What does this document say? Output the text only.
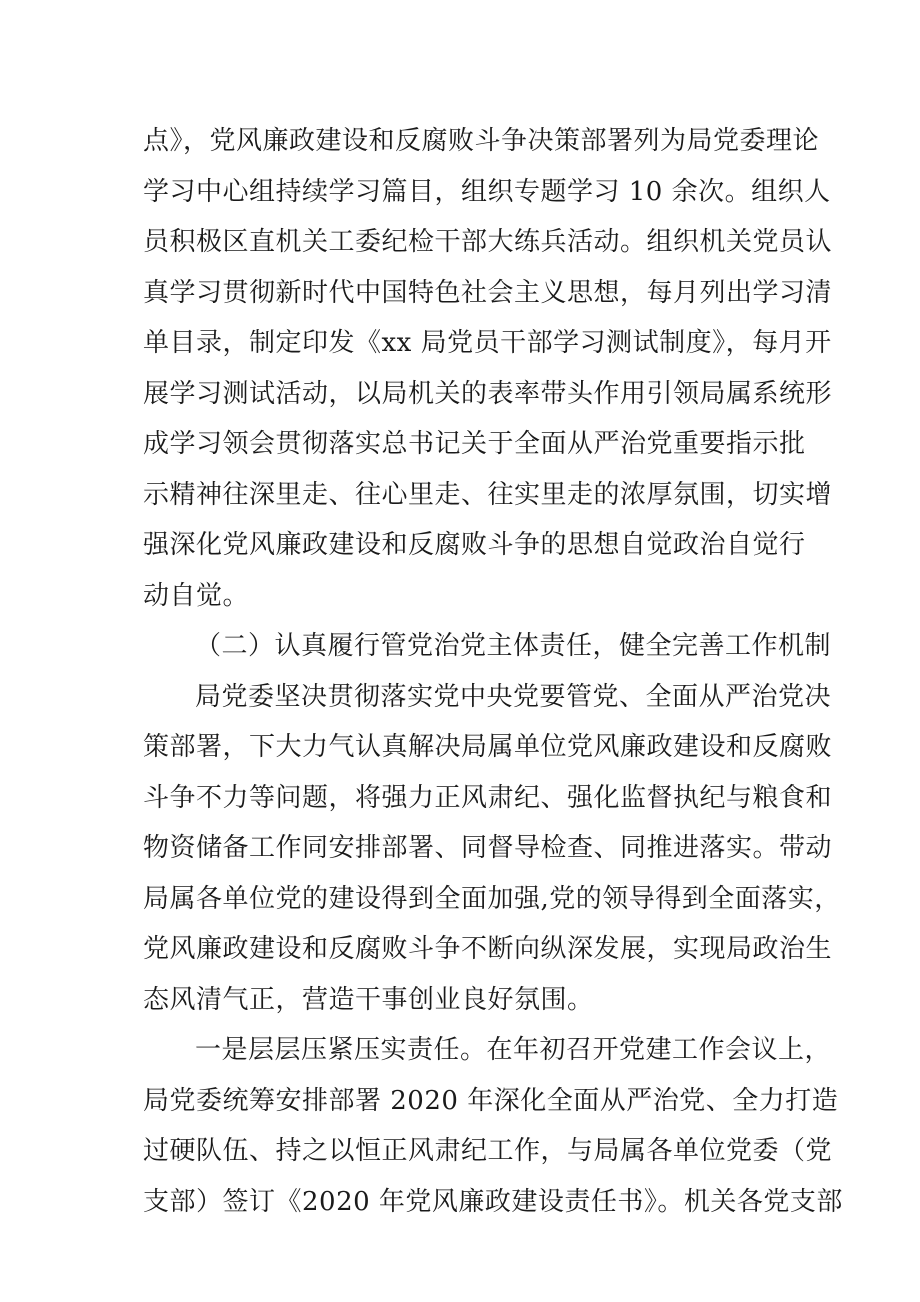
点》，党风廉政建设和反腐败斗争决策部署列为局党委理论
学习中心组持续学习篇目，组织专题学习 10 余次。组织人
员积极区直机关工委纪检干部大练兵活动。组织机关党员认
真学习贯彻新时代中国特色社会主义思想，每月列出学习清
单目录，制定印发《xx 局党员干部学习测试制度》，每月开
展学习测试活动，以局机关的表率带头作用引领局属系统形
成学习领会贯彻落实总书记关于全面从严治党重要指示批
示精神往深里走、往心里走、往实里走的浓厚氛围，切实增
强深化党风廉政建设和反腐败斗争的思想自觉政治自觉行
动自觉。
（二）认真履行管党治党主体责任，健全完善工作机制
局党委坚决贯彻落实党中央党要管党、全面从严治党决
策部署，下大力气认真解决局属单位党风廉政建设和反腐败
斗争不力等问题，将强力正风肃纪、强化监督执纪与粮食和
物资储备工作同安排部署、同督导检查、同推进落实。带动
局属各单位党的建设得到全面加强,党的领导得到全面落实，
党风廉政建设和反腐败斗争不断向纵深发展，实现局政治生
态风清气正，营造干事创业良好氛围。
一是层层压紧压实责任。在年初召开党建工作会议上，
局党委统筹安排部署 2020 年深化全面从严治党、全力打造
过硬队伍、持之以恒正风肃纪工作，与局属各单位党委（党
支部）签订《2020 年党风廉政建设责任书》。机关各党支部
